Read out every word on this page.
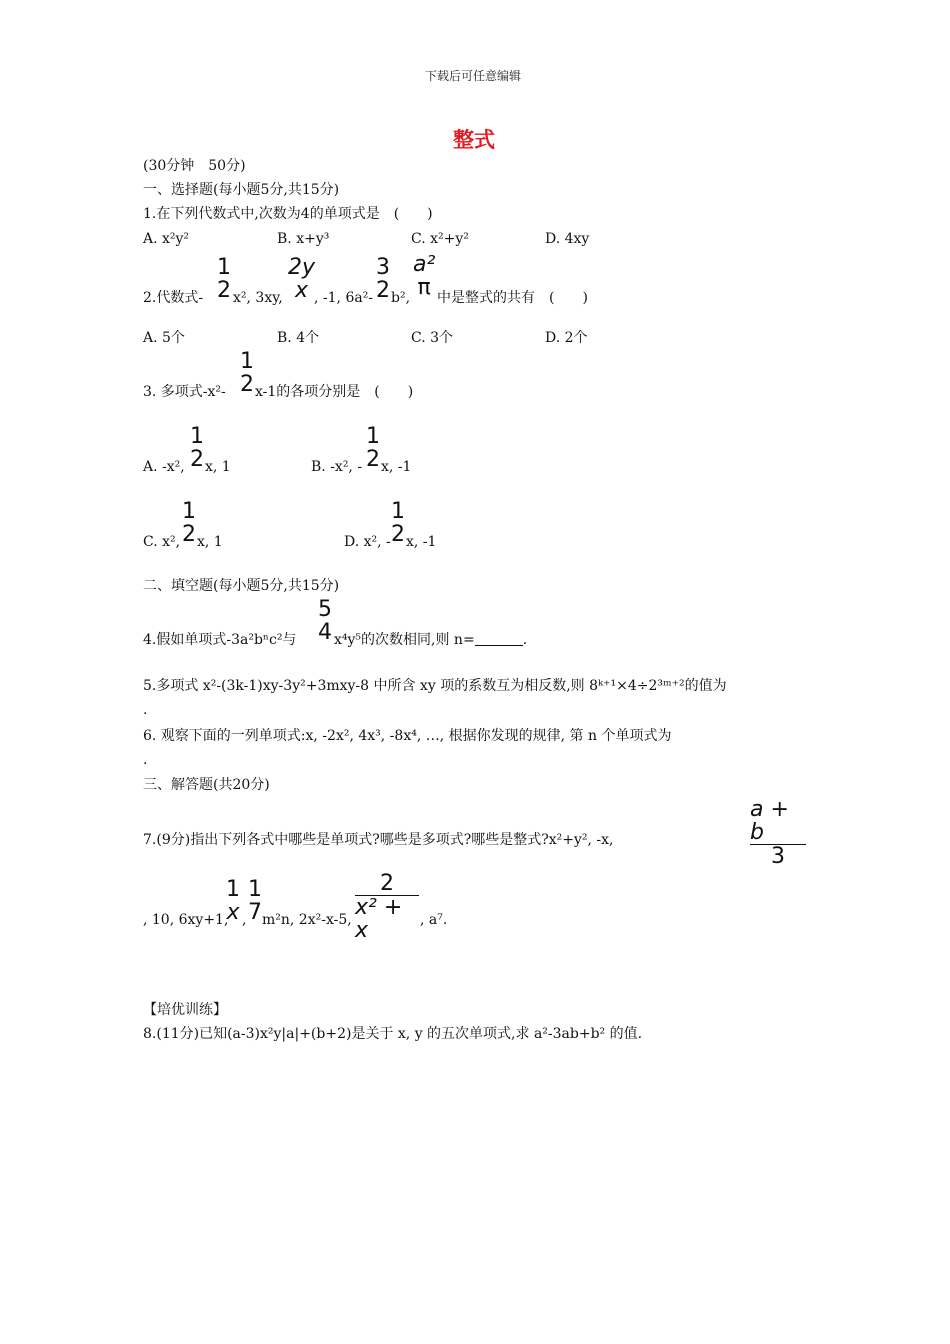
下载后可任意编辑
整式
(30分钟　50分)
一、选择题(每小题5分,共15分)
1.在下列代数式中,次数为4的单项式是　(　　)
A. x²y²	B. x+y³	C. x²+y²	D. 4xy
2.代数式-
1
2 x², 3xy,
2y
x , -1, 6a²-
3
2 b²,
a²
π 中是整式的共有　(　　)
A. 5个	B. 4个	C. 3个	D. 2个
3. 多项式-x²-
1
2 x-1的各项分别是　(　　)
A. -x²,
1
2 x, 1	B. -x², -
1
2 x, -1
C. x²,
1
2 x, 1	D. x², -
1
2 x, -1
二、填空题(每小题5分,共15分)
4.假如单项式-3a²bⁿc²与
5
4 x⁴y⁵的次数相同,则 n=	.
5.多项式 x²-(3k-1)xy-3y²+3mxy-8 中所含 xy 项的系数互为相反数,则 8ᵏ⁺¹×4÷2³ᵐ⁺²的值为
.
6. 观察下面的一列单项式:x, -2x², 4x³, -8x⁴, …, 根据你发现的规律, 第 n 个单项式为
.
三、解答题(共20分)
7.(9分)指出下列各式中哪些是单项式?哪些是多项式?哪些是整式?x²+y², -x,
a + b
3
, 10, 6xy+1,
1
x ,
1
7 m²n, 2x²-x-5,
2
x² + x	, a⁷.
【培优训练】
8.(11分)已知(a-3)x²y|a|+(b+2)是关于 x, y 的五次单项式,求 a²-3ab+b² 的值.
